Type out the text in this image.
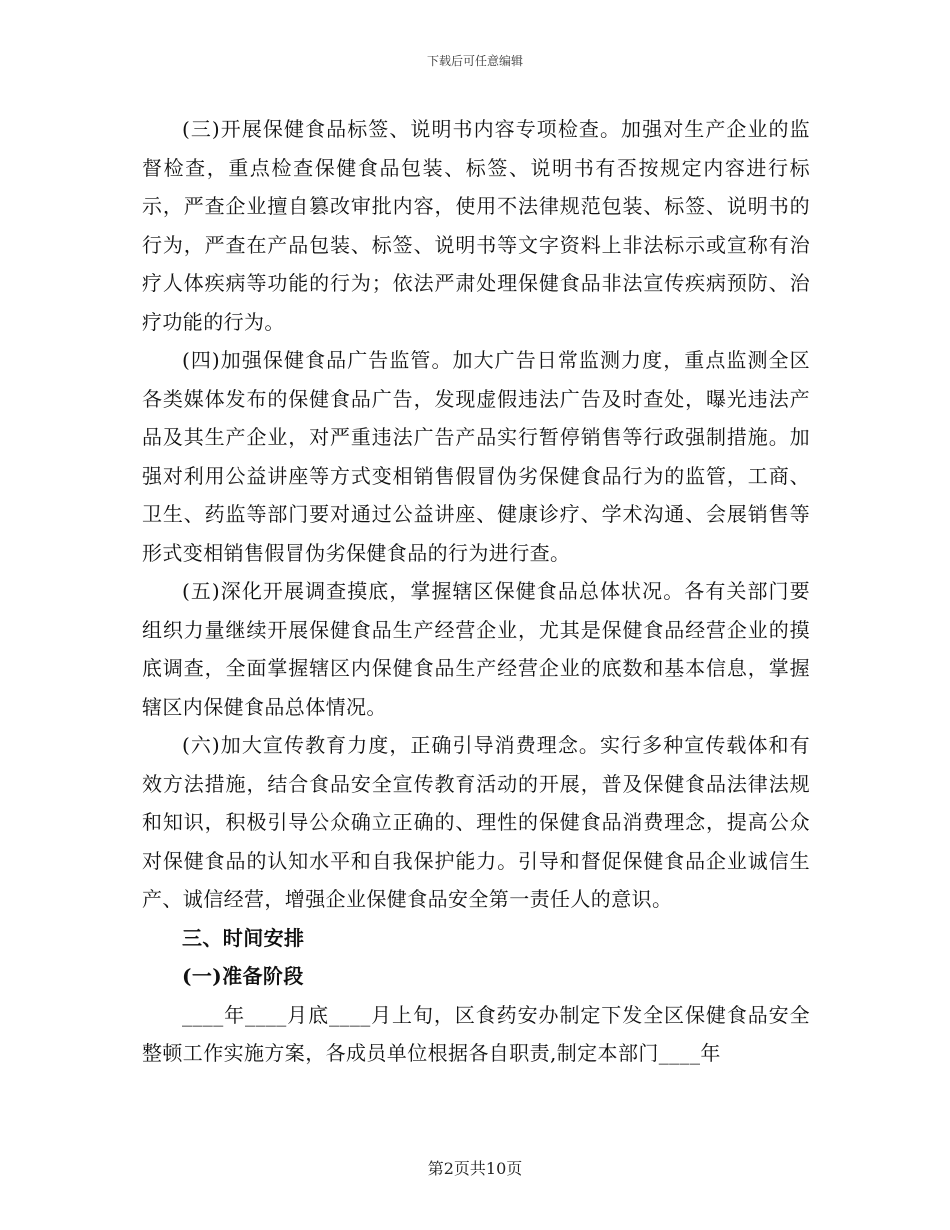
下载后可任意编辑

(三)开展保健食品标签、说明书内容专项检查。加强对生产企业的监督检查，重点检查保健食品包装、标签、说明书有否按规定内容进行标示，严查企业擅自篡改审批内容，使用不法律规范包装、标签、说明书的行为，严查在产品包装、标签、说明书等文字资料上非法标示或宣称有治疗人体疾病等功能的行为；依法严肃处理保健食品非法宣传疾病预防、治疗功能的行为。

(四)加强保健食品广告监管。加大广告日常监测力度，重点监测全区各类媒体发布的保健食品广告，发现虚假违法广告及时查处，曝光违法产品及其生产企业，对严重违法广告产品实行暂停销售等行政强制措施。加强对利用公益讲座等方式变相销售假冒伪劣保健食品行为的监管，工商、卫生、药监等部门要对通过公益讲座、健康诊疗、学术沟通、会展销售等形式变相销售假冒伪劣保健食品的行为进行查。

(五)深化开展调查摸底，掌握辖区保健食品总体状况。各有关部门要组织力量继续开展保健食品生产经营企业，尤其是保健食品经营企业的摸底调查，全面掌握辖区内保健食品生产经营企业的底数和基本信息，掌握辖区内保健食品总体情况。

(六)加大宣传教育力度，正确引导消费理念。实行多种宣传载体和有效方法措施，结合食品安全宣传教育活动的开展，普及保健食品法律法规和知识，积极引导公众确立正确的、理性的保健食品消费理念，提高公众对保健食品的认知水平和自我保护能力。引导和督促保健食品企业诚信生产、诚信经营，增强企业保健食品安全第一责任人的意识。

三、时间安排

(一)准备阶段

____年____月底____月上旬，区食药安办制定下发全区保健食品安全整顿工作实施方案，各成员单位根据各自职责,制定本部门____年

第2页共10页
